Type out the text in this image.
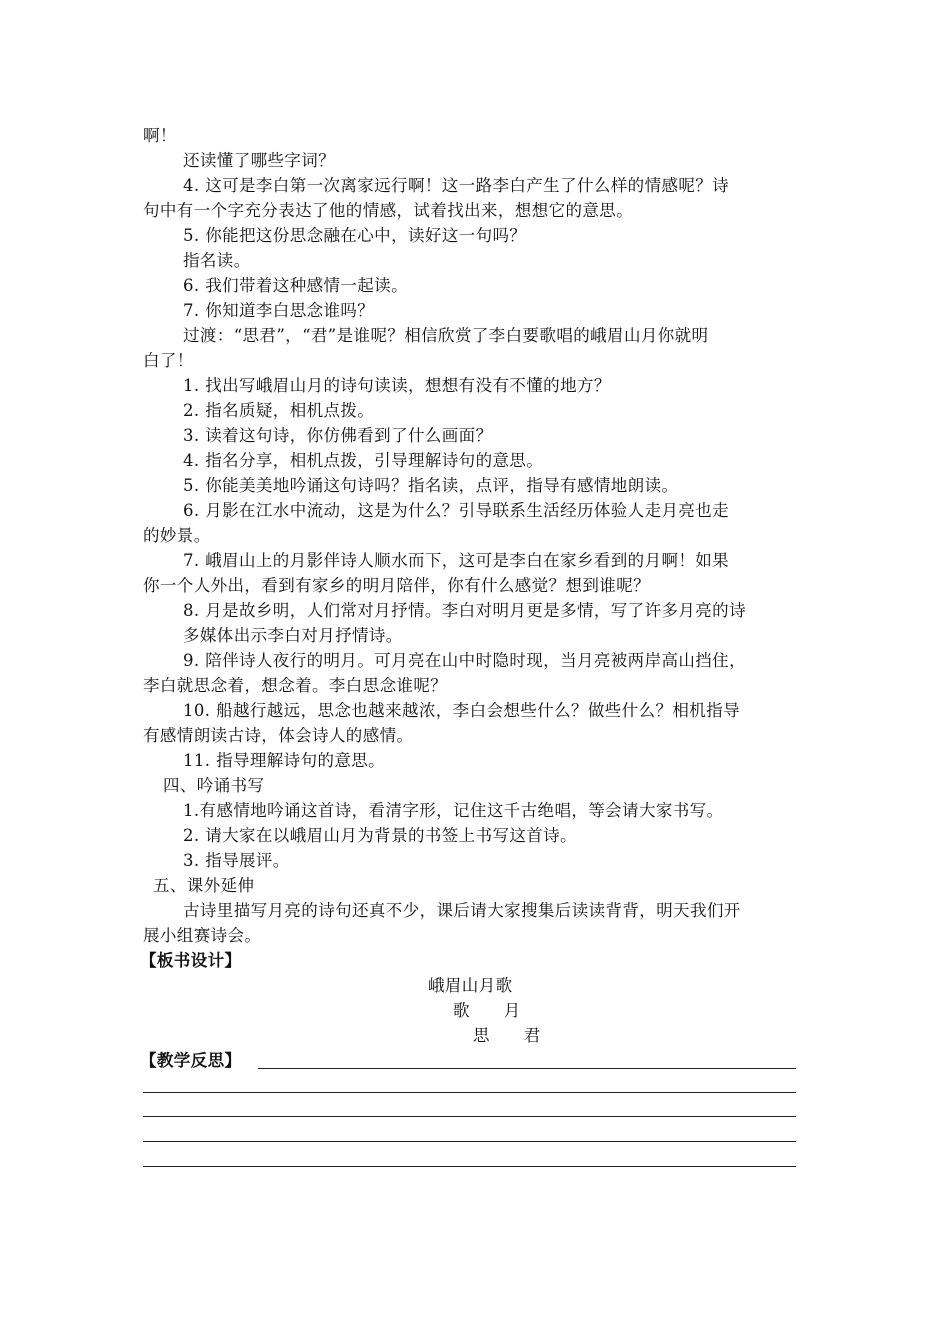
啊！
还读懂了哪些字词？
4. 这可是李白第一次离家远行啊！这一路李白产生了什么样的情感呢？诗
句中有一个字充分表达了他的情感，试着找出来，想想它的意思。
5. 你能把这份思念融在心中，读好这一句吗？
指名读。
6. 我们带着这种感情一起读。
7. 你知道李白思念谁吗？
过渡：“思君”，“君”是谁呢？相信欣赏了李白要歌唱的峨眉山月你就明
白了！
1. 找出写峨眉山月的诗句读读，想想有没有不懂的地方？
2. 指名质疑，相机点拨。
3. 读着这句诗，你仿佛看到了什么画面？
4. 指名分享，相机点拨，引导理解诗句的意思。
5. 你能美美地吟诵这句诗吗？指名读，点评，指导有感情地朗读。
6. 月影在江水中流动，这是为什么？引导联系生活经历体验人走月亮也走
的妙景。
7. 峨眉山上的月影伴诗人顺水而下，这可是李白在家乡看到的月啊！如果
你一个人外出，看到有家乡的明月陪伴，你有什么感觉？想到谁呢？
8. 月是故乡明，人们常对月抒情。李白对明月更是多情，写了许多月亮的诗
多媒体出示李白对月抒情诗。
9. 陪伴诗人夜行的明月。可月亮在山中时隐时现，当月亮被两岸高山挡住，
李白就思念着，想念着。李白思念谁呢？
10. 船越行越远，思念也越来越浓，李白会想些什么？做些什么？相机指导
有感情朗读古诗，体会诗人的感情。
11. 指导理解诗句的意思。
四、吟诵书写
1.有感情地吟诵这首诗，看清字形，记住这千古绝唱，等会请大家书写。
2. 请大家在以峨眉山月为背景的书签上书写这首诗。
3. 指导展评。
五、课外延伸
古诗里描写月亮的诗句还真不少，课后请大家搜集后读读背背，明天我们开
展小组赛诗会。
【板书设计】
峨眉山月歌
歌　　月
思　　君
【教学反思】
